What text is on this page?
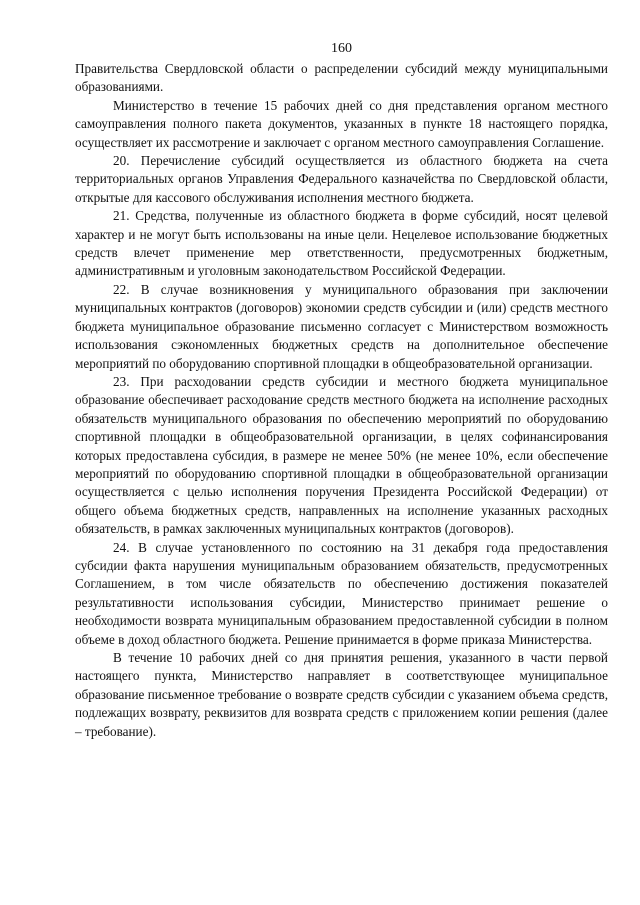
160

Правительства Свердловской области о распределении субсидий между муниципальными образованиями.

Министерство в течение 15 рабочих дней со дня представления органом местного самоуправления полного пакета документов, указанных в пункте 18 настоящего порядка, осуществляет их рассмотрение и заключает с органом местного самоуправления Соглашение.

20. Перечисление субсидий осуществляется из областного бюджета на счета территориальных органов Управления Федерального казначейства по Свердловской области, открытые для кассового обслуживания исполнения местного бюджета.

21. Средства, полученные из областного бюджета в форме субсидий, носят целевой характер и не могут быть использованы на иные цели. Нецелевое использование бюджетных средств влечет применение мер ответственности, предусмотренных бюджетным, административным и уголовным законодательством Российской Федерации.

22. В случае возникновения у муниципального образования при заключении муниципальных контрактов (договоров) экономии средств субсидии и (или) средств местного бюджета муниципальное образование письменно согласует с Министерством возможность использования сэкономленных бюджетных средств на дополнительное обеспечение мероприятий по оборудованию спортивной площадки в общеобразовательной организации.

23. При расходовании средств субсидии и местного бюджета муниципальное образование обеспечивает расходование средств местного бюджета на исполнение расходных обязательств муниципального образования по обеспечению мероприятий по оборудованию спортивной площадки в общеобразовательной организации, в целях софинансирования которых предоставлена субсидия, в размере не менее 50% (не менее 10%, если обеспечение мероприятий по оборудованию спортивной площадки в общеобразовательной организации осуществляется с целью исполнения поручения Президента Российской Федерации) от общего объема бюджетных средств, направленных на исполнение указанных расходных обязательств, в рамках заключенных муниципальных контрактов (договоров).

24. В случае установленного по состоянию на 31 декабря года предоставления субсидии факта нарушения муниципальным образованием обязательств, предусмотренных Соглашением, в том числе обязательств по обеспечению достижения показателей результативности использования субсидии, Министерство принимает решение о необходимости возврата муниципальным образованием предоставленной субсидии в полном объеме в доход областного бюджета. Решение принимается в форме приказа Министерства.

В течение 10 рабочих дней со дня принятия решения, указанного в части первой настоящего пункта, Министерство направляет в соответствующее муниципальное образование письменное требование о возврате средств субсидии с указанием объема средств, подлежащих возврату, реквизитов для возврата средств с приложением копии решения (далее – требование).
